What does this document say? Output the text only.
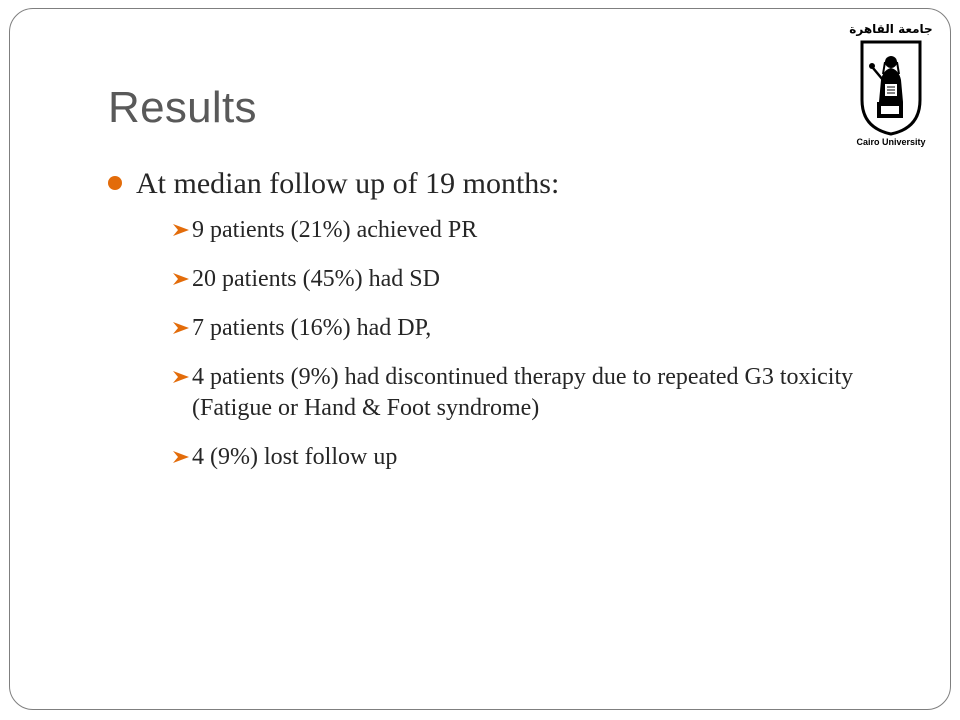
Results
جامعة القاهرة
Cairo University
At median follow up of 19 months:
9 patients (21%) achieved PR
20 patients (45%) had SD
7 patients (16%) had DP,
4 patients (9%) had discontinued therapy due to repeated G3 toxicity (Fatigue or Hand & Foot syndrome)
4 (9%) lost follow up
